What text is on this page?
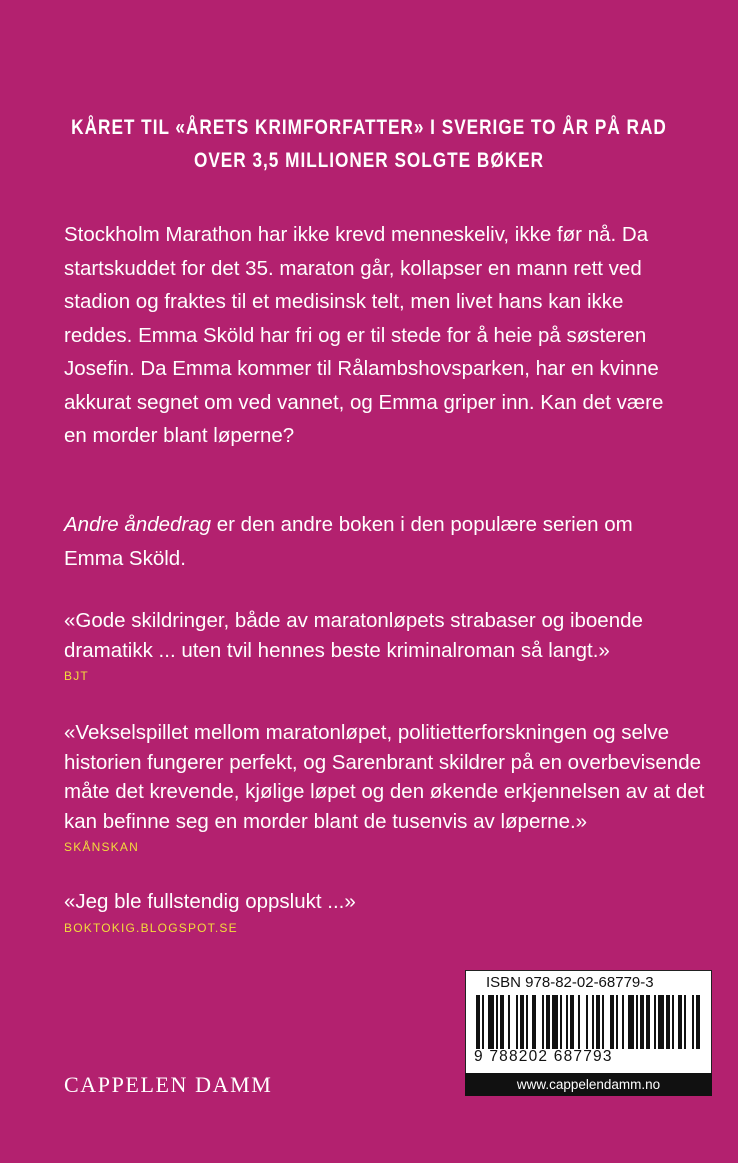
KÅRET TIL «ÅRETS KRIMFORFATTER» I SVERIGE TO ÅR PÅ RAD
OVER 3,5 MILLIONER SOLGTE BØKER
Stockholm Marathon har ikke krevd menneskeliv, ikke før nå. Da
startskuddet for det 35. maraton går, kollapser en mann rett ved
stadion og fraktes til et medisinsk telt, men livet hans kan ikke
reddes. Emma Sköld har fri og er til stede for å heie på søsteren
Josefin. Da Emma kommer til Rålambshovsparken, har en kvinne
akkurat segnet om ved vannet, og Emma griper inn. Kan det være
en morder blant løperne?
Andre åndedrag er den andre boken i den populære serien om
Emma Sköld.
«Gode skildringer, både av maratonløpets strabaser og iboende
dramatikk ... uten tvil hennes beste kriminalroman så langt.»
BJT
«Vekselspillet mellom maratonløpet, politietterforskningen og selve
historien fungerer perfekt, og Sarenbrant skildrer på en overbevisende
måte det krevende, kjølige løpet og den økende erkjennelsen av at det
kan befinne seg en morder blant de tusenvis av løperne.»
SKÅNSKAN
«Jeg ble fullstendig oppslukt ...»
BOKTOKIG.BLOGSPOT.SE
CAPPELEN DAMM
ISBN 978-82-02-68779-3
9 788202 687793
www.cappelendamm.no
